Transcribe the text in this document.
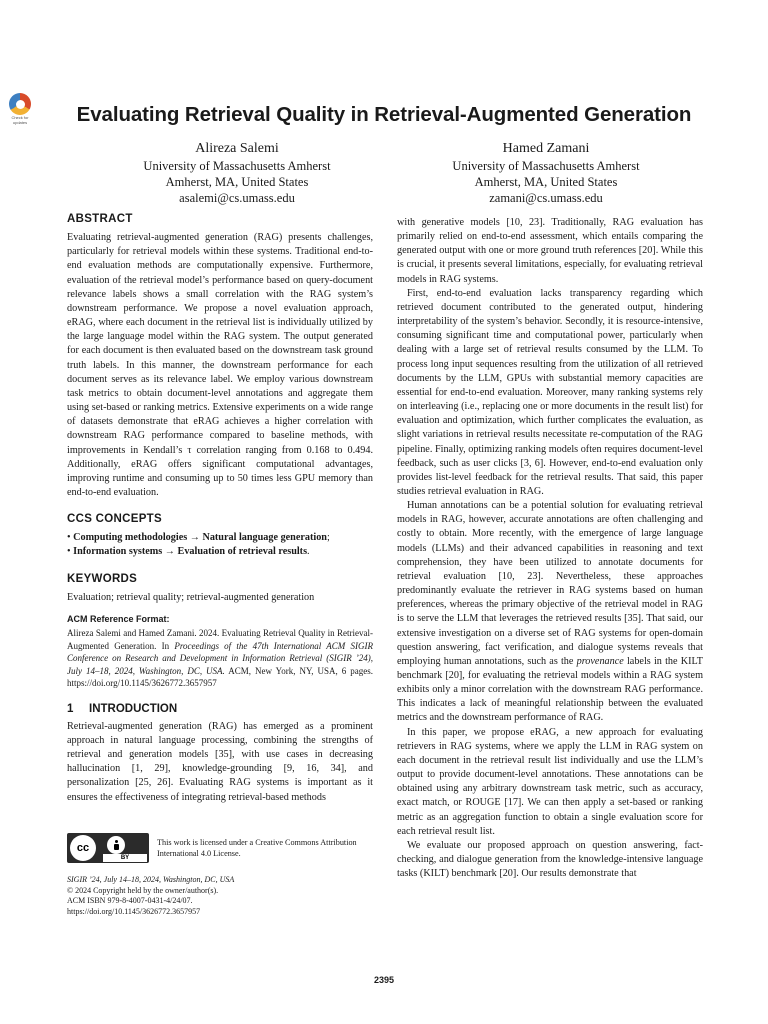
Check for
updates	Evaluating Retrieval Quality in Retrieval-Augmented Generation
Alireza Salemi
University of Massachusetts Amherst
Amherst, MA, United States
asalemi@cs.umass.edu
Hamed Zamani
University of Massachusetts Amherst
Amherst, MA, United States
zamani@cs.umass.edu
ABSTRACT

Evaluating retrieval-augmented generation (RAG) presents challenges, particularly for retrieval models within these systems. Traditional end-to-end evaluation methods are computationally expensive. Furthermore, evaluation of the retrieval model’s performance based on query-document relevance labels shows a small correlation with the RAG system’s downstream performance. We propose a novel evaluation approach, eRAG, where each document in the retrieval list is individually utilized by the large language model within the RAG system. The output generated for each document is then evaluated based on the downstream task ground truth labels. In this manner, the downstream performance for each document serves as its relevance label. We employ various downstream task metrics to obtain document-level annotations and aggregate them using set-based or ranking metrics. Extensive experiments on a wide range of datasets demonstrate that eRAG achieves a higher correlation with downstream RAG performance compared to baseline methods, with improvements in Kendall’s τ correlation ranging from 0.168 to 0.494. Additionally, eRAG offers significant computational advantages, improving runtime and consuming up to 50 times less GPU memory than end-to-end evaluation.

CCS CONCEPTS
• Computing methodologies → Natural language generation;
• Information systems → Evaluation of retrieval results.
KEYWORDS

Evaluation; retrieval quality; retrieval-augmented generation

ACM Reference Format:

Alireza Salemi and Hamed Zamani. 2024. Evaluating Retrieval Quality in Retrieval-Augmented Generation. In Proceedings of the 47th International ACM SIGIR Conference on Research and Development in Information Retrieval (SIGIR ’24), July 14–18, 2024, Washington, DC, USA. ACM, New York, NY, USA, 6 pages. https://doi.org/10.1145/3626772.3657957

1 INTRODUCTION

Retrieval-augmented generation (RAG) has emerged as a prominent approach in natural language processing, combining the strengths of retrieval and generation models [35], with use cases in decreasing hallucination [1, 29], knowledge-grounding [9, 16, 34], and personalization [25, 26]. Evaluating RAG systems is important as it ensures the effectiveness of integrating retrieval-based methods

cc
BY
This work is licensed under a Creative Commons Attribution International 4.0 License.
SIGIR ’24, July 14–18, 2024, Washington, DC, USA
© 2024 Copyright held by the owner/author(s).
ACM ISBN 979-8-4007-0431-4/24/07.
https://doi.org/10.1145/3626772.3657957

with generative models [10, 23]. Traditionally, RAG evaluation has primarily relied on end-to-end assessment, which entails comparing the generated output with one or more ground truth references [20]. While this is crucial, it presents several limitations, especially, for evaluating retrieval models in RAG systems.

First, end-to-end evaluation lacks transparency regarding which retrieved document contributed to the generated output, hindering interpretability of the system’s behavior. Secondly, it is resource-intensive, consuming significant time and computational power, particularly when dealing with a large set of retrieval results consumed by the LLM. To process long input sequences resulting from the utilization of all retrieved documents by the LLM, GPUs with substantial memory capacities are essential for end-to-end evaluation. Moreover, many ranking systems rely on interleaving (i.e., replacing one or more documents in the result list) for evaluation and optimization, which further complicates the evaluation, as slight variations in retrieval results necessitate re-computation of the RAG pipeline. Finally, optimizing ranking models often requires document-level feedback, such as user clicks [3, 6]. However, end-to-end evaluation only provides list-level feedback for the retrieval results. That said, this paper studies retrieval evaluation in RAG.

Human annotations can be a potential solution for evaluating retrieval models in RAG, however, accurate annotations are often challenging and costly to obtain. More recently, with the emergence of large language models (LLMs) and their advanced capabilities in reasoning and text comprehension, they have been utilized to annotate documents for retrieval evaluation [10, 23]. Nevertheless, these approaches predominantly evaluate the retriever in RAG systems based on human preferences, whereas the primary objective of the retrieval model in RAG is to serve the LLM that leverages the retrieved results [35]. That said, our extensive investigation on a diverse set of RAG systems for open-domain question answering, fact verification, and dialogue systems reveals that employing human annotations, such as the provenance labels in the KILT benchmark [20], for evaluating the retrieval models within a RAG system exhibits only a minor correlation with the downstream RAG performance. This indicates a lack of meaningful relationship between the evaluated metrics and the downstream performance of RAG.

In this paper, we propose eRAG, a new approach for evaluating retrievers in RAG systems, where we apply the LLM in RAG system on each document in the retrieval result list individually and use the LLM’s output to provide document-level annotations. These annotations can be obtained using any arbitrary downstream task metric, such as accuracy, exact match, or ROUGE [17]. We can then apply a set-based or ranking metric as an aggregation function to obtain a single evaluation score for each retrieval result list.

We evaluate our proposed approach on question answering, fact-checking, and dialogue generation from the knowledge-intensive language tasks (KILT) benchmark [20]. Our results demonstrate that

2395
